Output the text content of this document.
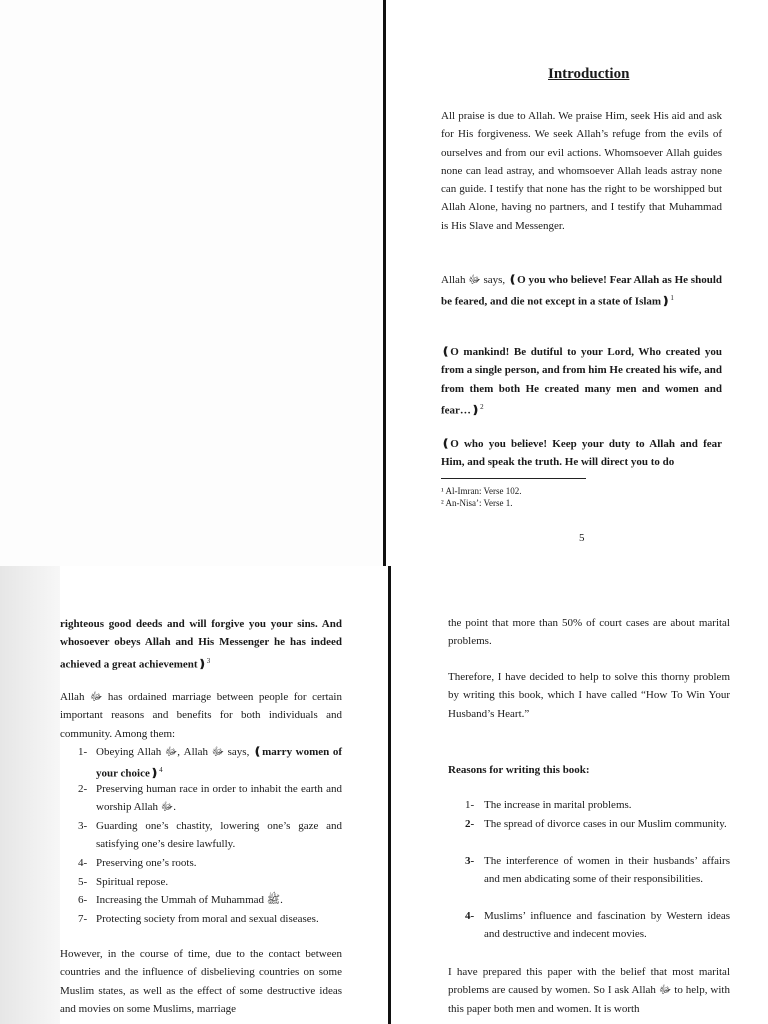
Introduction

All praise is due to Allah. We praise Him, seek His aid and ask for His forgiveness. We seek Allah’s refuge from the evils of ourselves and from our evil actions. Whomsoever Allah guides none can lead astray, and whomsoever Allah leads astray none can guide. I testify that none has the right to be worshipped but Allah Alone, having no partners, and I testify that Muhammad is His Slave and Messenger.

Allah ﷻ says, ❪O you who believe! Fear Allah as He should be feared, and die not except in a state of Islam❫$^1$

❪O mankind! Be dutiful to your Lord, Who created you from a single person, and from him He created his wife, and from them both He created many men and women and fear…❫$^2$

❪O who you believe! Keep your duty to Allah and fear Him, and speak the truth. He will direct you to do

¹ Al-Imran: Verse 102.
² An-Nisa’: Verse 1.
5

righteous good deeds and will forgive you your sins. And whosoever obeys Allah and His Messenger he has indeed achieved a great achievement❫$^3$

Allah ﷻ has ordained marriage between people for certain important reasons and benefits for both individuals and community. Among them:

1- Obeying Allah ﷻ, Allah ﷻ says, ❪marry women of your choice❫$^4$
2- Preserving human race in order to inhabit the earth and worship Allah ﷻ.
3- Guarding one’s chastity, lowering one’s gaze and satisfying one’s desire lawfully.
4- Preserving one’s roots.
5- Spiritual repose.
6- Increasing the Ummah of Muhammad ﷺ.
7- Protecting society from moral and sexual diseases.

However, in the course of time, due to the contact between countries and the influence of disbelieving countries on some Muslim states, as well as the effect of some destructive ideas and movies on some Muslims, marriage

the point that more than 50% of court cases are about marital problems.

Therefore, I have decided to help to solve this thorny problem by writing this book, which I have called “How To Win Your Husband’s Heart.”

Reasons for writing this book:
1- The increase in marital problems.
2- The spread of divorce cases in our Muslim community.
3- The interference of women in their husbands’ affairs and men abdicating some of their responsibilities.
4- Muslims’ influence and fascination by Western ideas and destructive and indecent movies.

I have prepared this paper with the belief that most marital problems are caused by women. So I ask Allah ﷻ to help, with this paper both men and women. It is worth
